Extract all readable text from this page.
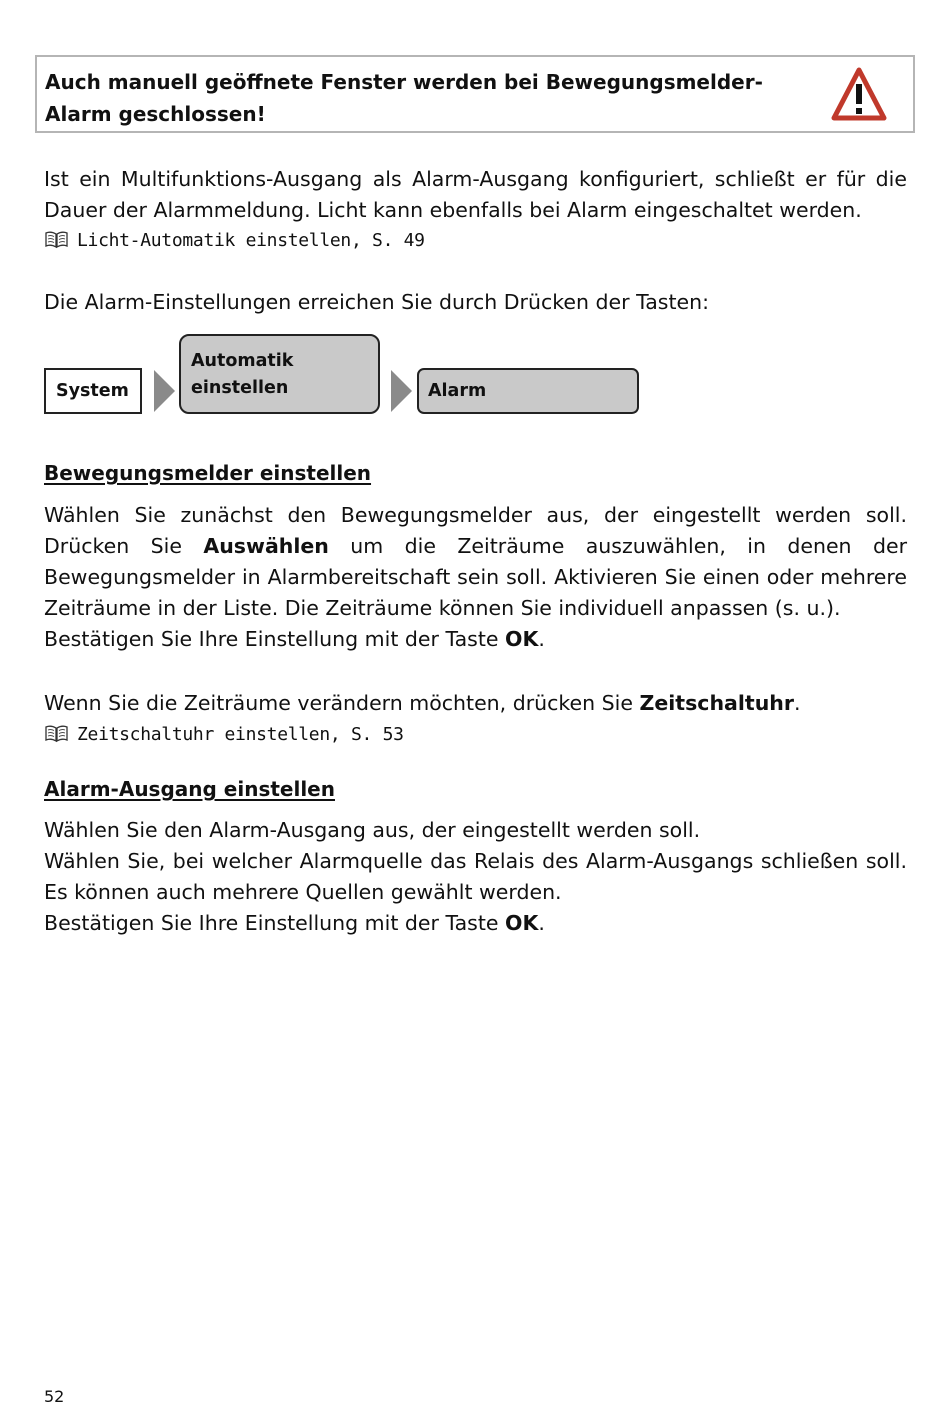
Auch manuell geöffnete Fenster werden bei Bewegungsmelder-Alarm geschlossen!
Ist ein Multifunktions-Ausgang als Alarm-Ausgang konfiguriert, schließt er für die Dauer der Alarmmeldung. Licht kann ebenfalls bei Alarm eingeschaltet werden.
Licht-Automatik einstellen, S. 49
Die Alarm-Einstellungen erreichen Sie durch Drücken der Tasten:
System
Automatik
einstellen	Alarm
Bewegungsmelder einstellen
Wählen Sie zunächst den Bewegungsmelder aus, der eingestellt werden soll. Drücken Sie Auswählen um die Zeiträume auszuwählen, in denen der Bewegungsmelder in Alarmbereitschaft sein soll. Aktivieren Sie einen oder mehrere Zeiträume in der Liste. Die Zeiträume können Sie individuell anpassen (s. u.).
Bestätigen Sie Ihre Einstellung mit der Taste OK.
Wenn Sie die Zeiträume verändern möchten, drücken Sie Zeitschaltuhr.
Zeitschaltuhr einstellen, S. 53
Alarm-Ausgang einstellen
Wählen Sie den Alarm-Ausgang aus, der eingestellt werden soll.
Wählen Sie, bei welcher Alarmquelle das Relais des Alarm-Ausgangs schließen soll. Es können auch mehrere Quellen gewählt werden.
Bestätigen Sie Ihre Einstellung mit der Taste OK.
52
